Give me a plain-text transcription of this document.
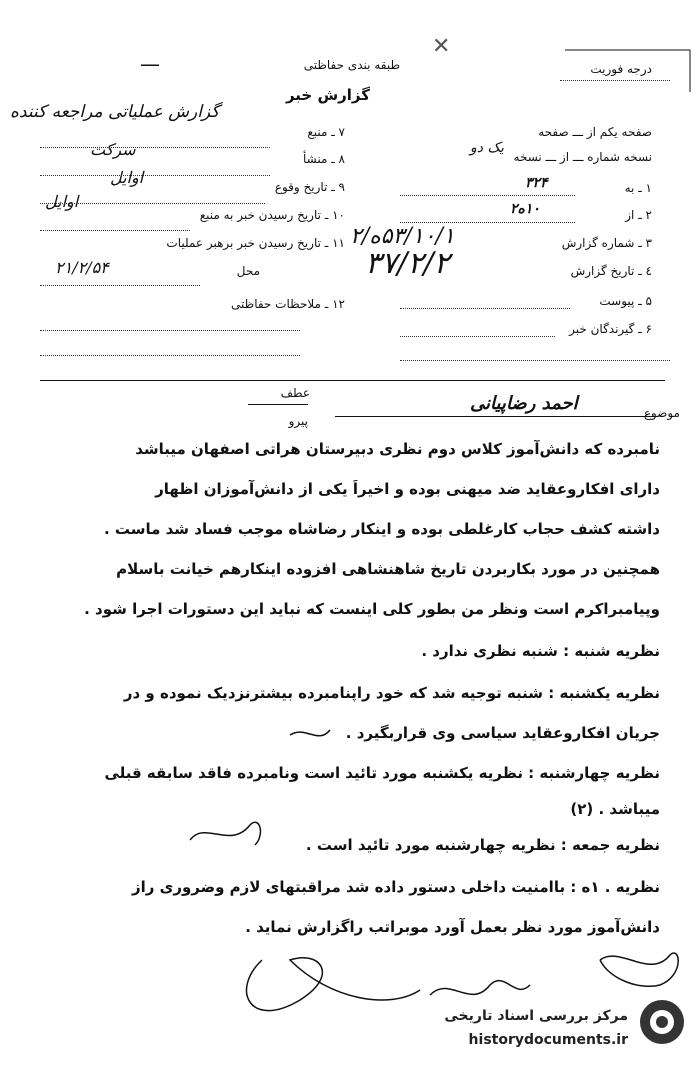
طبقه بندی حفاظتی	درجه فوریت
گزارش خبر
✕
—
۷ ـ منبع
گزارش عملیاتی مراجعه کننده
۸ ـ منشأ
سرکت
۹ ـ تاریخ وقوع
اوایل
۱۰ ـ تاریخ رسیدن خبر به منبع
اوایل
۱۱ ـ تاریخ رسیدن خبر برهبر عملیات
محل
۲۱/۲/۵۴
۱۲ ـ ملاحظات حفاظتی
صفحه یکم از ـــ صفحه
نسخه شماره ـــ از ـــ نسخه
یک دو
۱ ـ به
۳۲۴
۲ ـ از
۱۰ه۲
۳ ـ شماره گزارش
۵۳/۱۰/۱ه/۲
٤ ـ تاریخ گزارش
۳۷/۲/۲
۵ ـ پیوست
۶ ـ گیرندگان خبر
عطف
پیرو
موضوع
احمد رضاپیانی
نامبرده که دانش‌آموز کلاس دوم نظری دبیرستان هراتی اصفهان میباشد
دارای افکاروعقاید ضد میهنی بوده و اخیراً یکی از دانش‌آموزان اظهار
داشته کشف حجاب کارغلطی بوده و اینکار رضاشاه موجب فساد شد ماست .
همچنین در مورد بکاربردن تاریخ شاهنشاهی افزوده اینکارهم خیانت باسلام
وپیامبراکرم است ونظر من بطور کلی اینست که نباید این دستورات اجرا شود .
نظریه شنبه : شنبه نظری ندارد .
نظریه یکشنبه : شنبه توجیه شد که خود راپنامبرده بیشترنزدیک نموده و در
جریان افکاروعقاید سیاسی وی قراربگیرد .
نظریه چهارشنبه : نظریه یکشنبه مورد تائید است ونامبرده فاقد سابقه قبلی
میباشد . (۲)
نظریه جمعه : نظریه چهارشنبه مورد تائید است .
نظریه . ۱ه : باامنیت داخلی دستور داده شد مراقبتهای لازم وضروری راز
دانش‌آموز مورد نظر بعمل آورد موبراتب راگزارش نماید .
مرکز بررسی اسناد تاریخی
historydocuments.ir
